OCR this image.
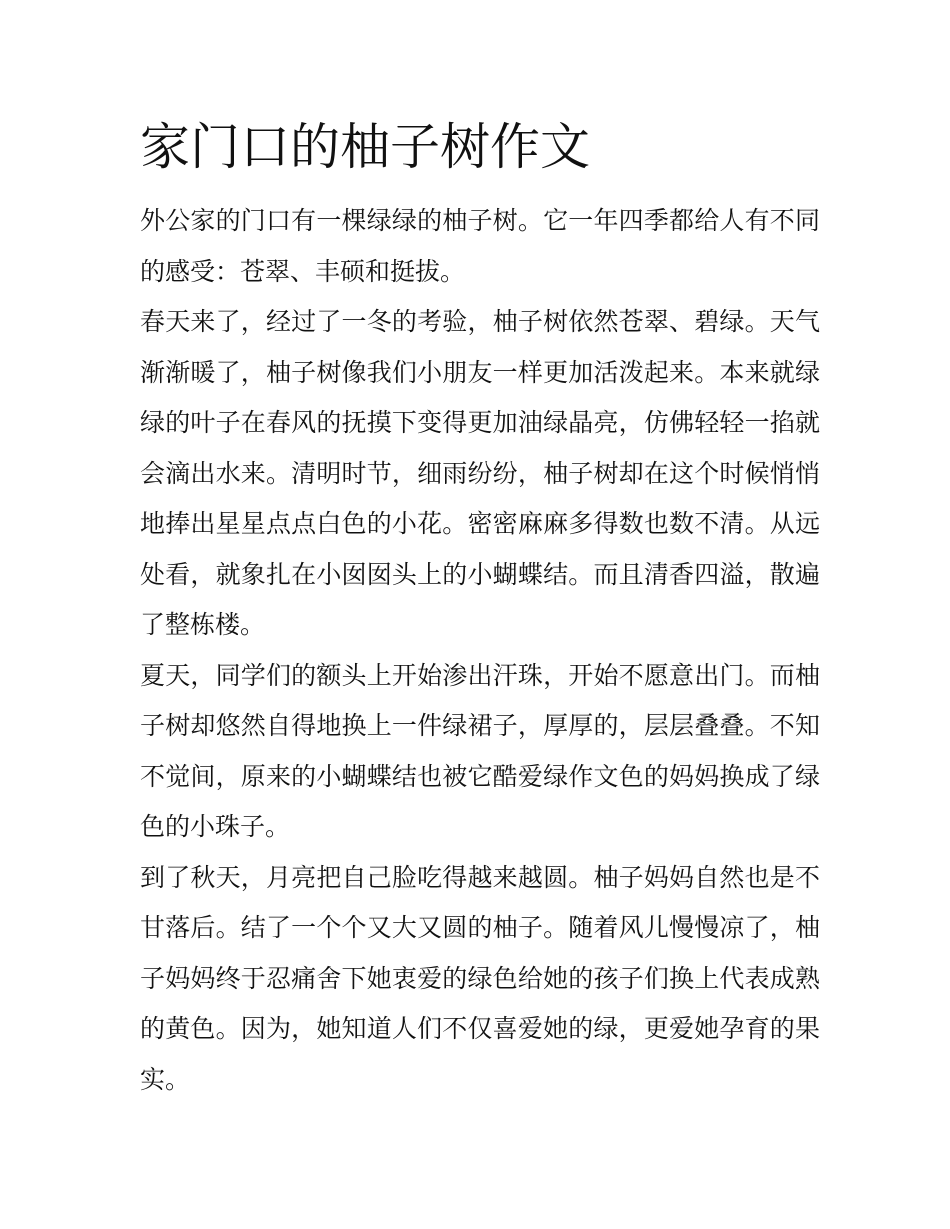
家门口的柚子树作文

外公家的门口有一棵绿绿的柚子树。它一年四季都给人有不同的感受：苍翠、丰硕和挺拔。

春天来了，经过了一冬的考验，柚子树依然苍翠、碧绿。天气渐渐暖了，柚子树像我们小朋友一样更加活泼起来。本来就绿绿的叶子在春风的抚摸下变得更加油绿晶亮，仿佛轻轻一掐就会滴出水来。清明时节，细雨纷纷，柚子树却在这个时候悄悄地捧出星星点点白色的小花。密密麻麻多得数也数不清。从远处看，就象扎在小囡囡头上的小蝴蝶结。而且清香四溢，散遍了整栋楼。

夏天，同学们的额头上开始渗出汗珠，开始不愿意出门。而柚子树却悠然自得地换上一件绿裙子，厚厚的，层层叠叠。不知不觉间，原来的小蝴蝶结也被它酷爱绿作文色的妈妈换成了绿色的小珠子。

到了秋天，月亮把自己脸吃得越来越圆。柚子妈妈自然也是不甘落后。结了一个个又大又圆的柚子。随着风儿慢慢凉了，柚子妈妈终于忍痛舍下她衷爱的绿色给她的孩子们换上代表成熟的黄色。因为，她知道人们不仅喜爱她的绿，更爱她孕育的果实。
